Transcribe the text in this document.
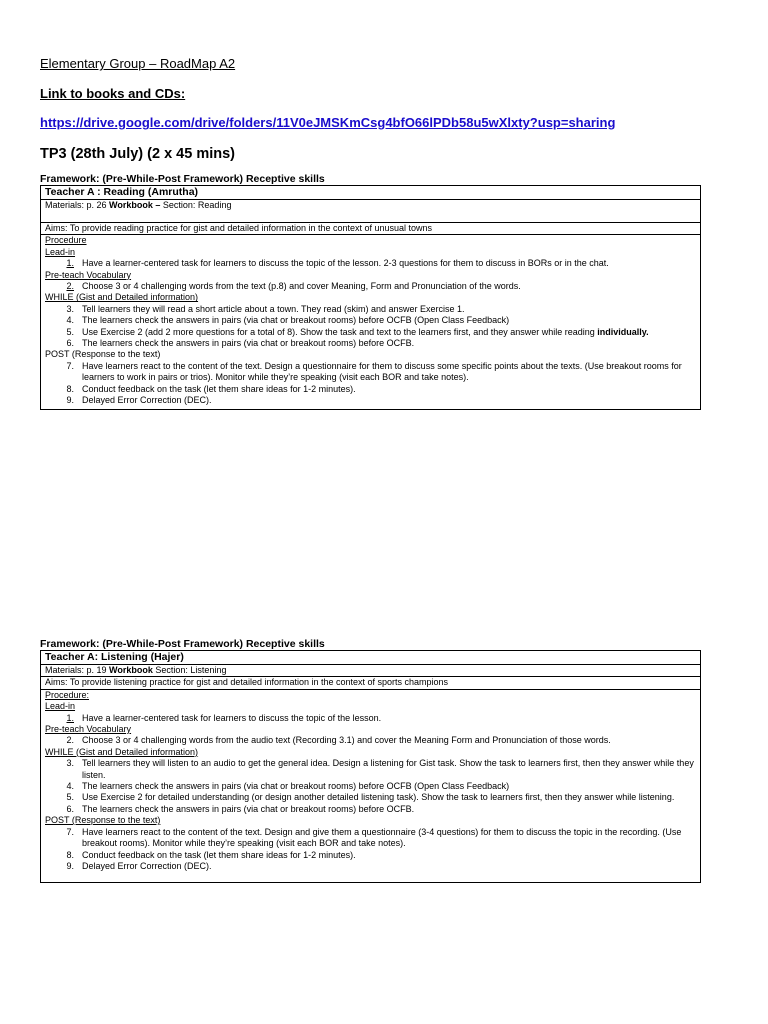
Elementary Group – RoadMap A2
Link to books and CDs:
https://drive.google.com/drive/folders/11V0eJMSKmCsg4bfO66lPDb58u5wXlxty?usp=sharing
TP3 (28th July) (2 x 45 mins)
Framework: (Pre-While-Post Framework) Receptive skills
Teacher A : Reading (Amrutha)
Materials: p. 26 Workbook – Section: Reading
Aims: To provide reading practice for gist and detailed information in the context of unusual towns

Procedure
Lead-in
1. Have a learner-centered task for learners to discuss the topic of the lesson. 2-3 questions for them to discuss in BORs or in the chat.
Pre-teach Vocabulary
2. Choose 3 or 4 challenging words from the text (p.8) and cover Meaning, Form and Pronunciation of the words.
WHILE (Gist and Detailed information)
3. Tell learners they will read a short article about a town. They read (skim) and answer Exercise 1.
4. The learners check the answers in pairs (via chat or breakout rooms) before OCFB (Open Class Feedback)
5. Use Exercise 2 (add 2 more questions for a total of 8). Show the task and text to the learners first, and they answer while reading individually.
6. The learners check the answers in pairs (via chat or breakout rooms) before OCFB.
POST (Response to the text)
7. Have learners react to the content of the text. Design a questionnaire for them to discuss some specific points about the texts. (Use breakout rooms for learners to work in pairs or trios). Monitor while they’re speaking (visit each BOR and take notes).
8. Conduct feedback on the task (let them share ideas for 1-2 minutes).
9. Delayed Error Correction (DEC).
Framework: (Pre-While-Post Framework) Receptive skills
Teacher A: Listening (Hajer)
Materials: p. 19 Workbook Section: Listening
Aims: To provide listening practice for gist and detailed information in the context of sports champions

Procedure:
Lead-in
1. Have a learner-centered task for learners to discuss the topic of the lesson.
Pre-teach Vocabulary
2. Choose 3 or 4 challenging words from the audio text (Recording 3.1) and cover the Meaning Form and Pronunciation of those words.
WHILE (Gist and Detailed information)
3. Tell learners they will listen to an audio to get the general idea. Design a listening for Gist task. Show the task to learners first, then they answer while they listen.
4. The learners check the answers in pairs (via chat or breakout rooms) before OCFB (Open Class Feedback)
5. Use Exercise 2 for detailed understanding (or design another detailed listening task). Show the task to learners first, then they answer while listening.
6. The learners check the answers in pairs (via chat or breakout rooms) before OCFB.
POST (Response to the text)
7. Have learners react to the content of the text. Design and give them a questionnaire (3-4 questions) for them to discuss the topic in the recording. (Use breakout rooms). Monitor while they’re speaking (visit each BOR and take notes).
8. Conduct feedback on the task (let them share ideas for 1-2 minutes).
9. Delayed Error Correction (DEC).
